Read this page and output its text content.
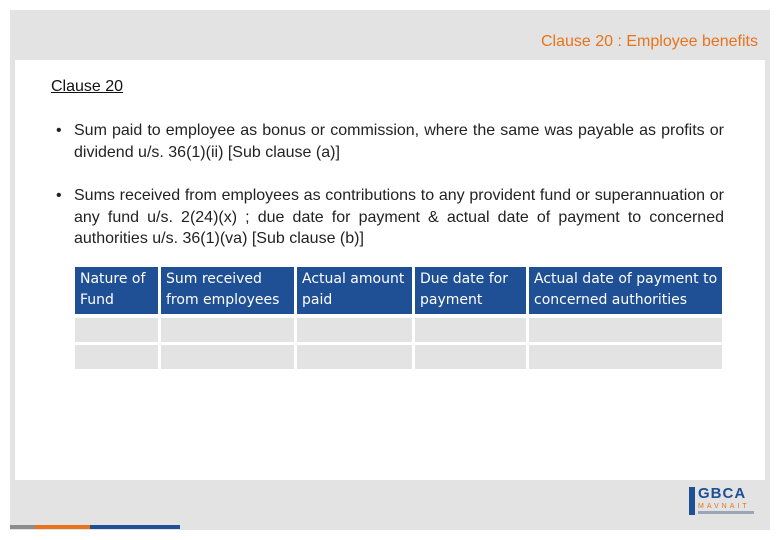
Clause 20 : Employee benefits
Clause 20
• Sum paid to employee as bonus or commission, where the same was payable as profits or dividend u/s. 36(1)(ii) [Sub clause (a)]
• Sums received from employees as contributions to any provident fund or superannuation or any fund u/s. 2(24)(x) ; due date for payment & actual date of payment to concerned authorities u/s. 36(1)(va) [Sub clause (b)]
Nature of Fund	Sum received from employees	Actual amount paid	Due date for payment	Actual date of payment to concerned authorities

GBCA
MAVNAIT
